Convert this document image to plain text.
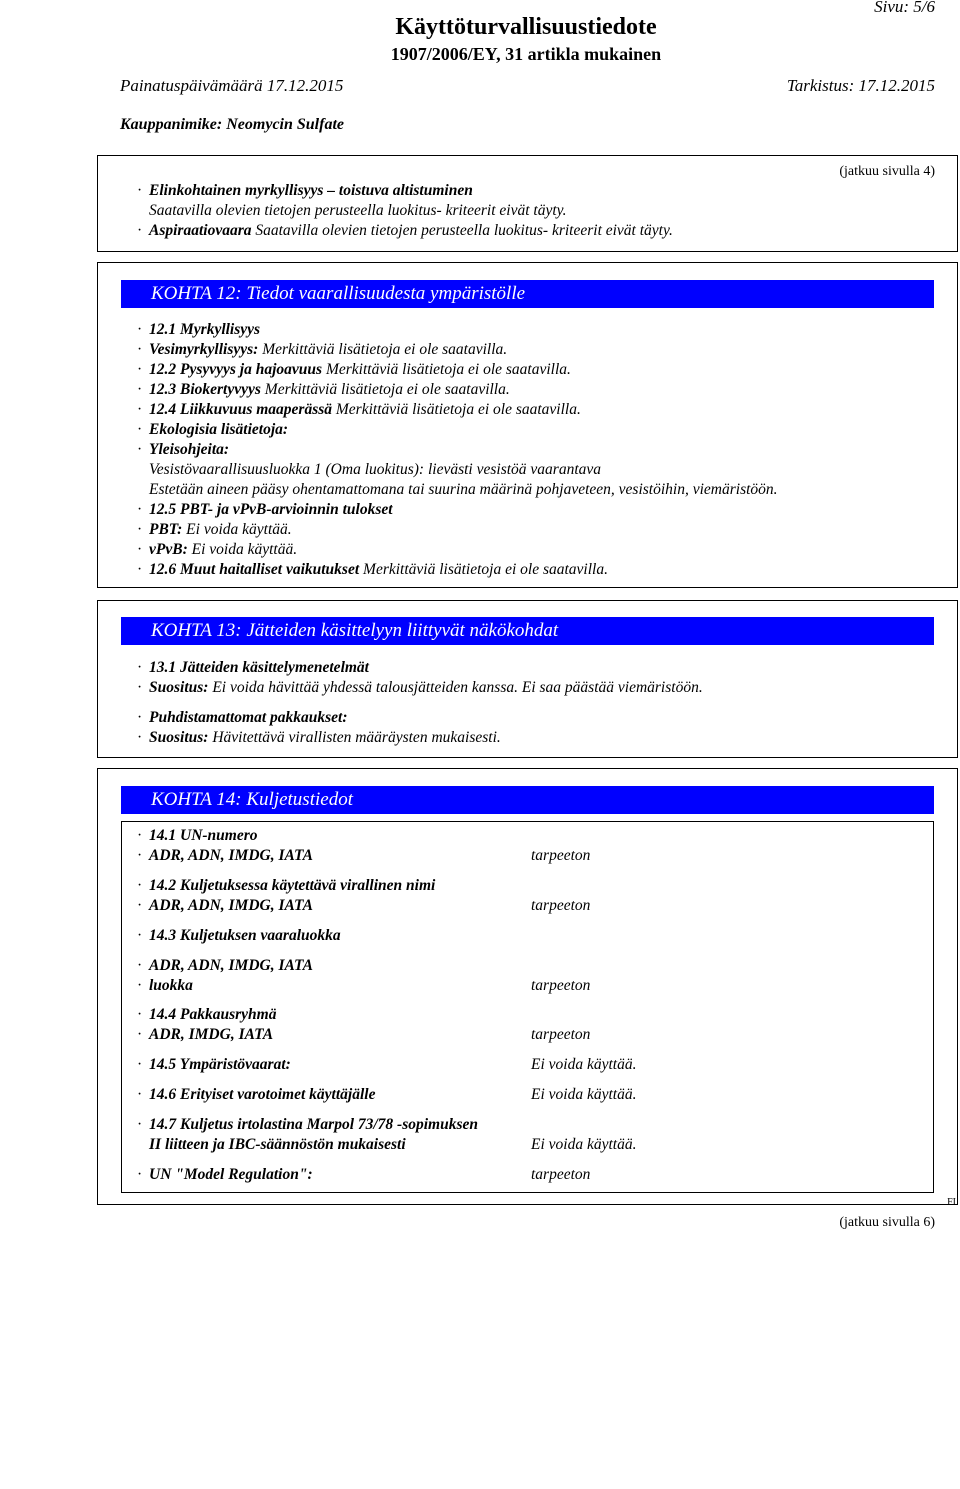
Käyttöturvallisuustiedote
1907/2006/EY, 31 artikla mukainen
Sivu: 5/6
Painatuspäivämäärä 17.12.2015	Tarkistus: 17.12.2015
Kauppanimike: Neomycin Sulfate
(jatkuu sivulla 4)
· Elinkohtainen myrkyllisyys – toistuva altistuminen
Saatavilla olevien tietojen perusteella luokitus- kriteerit eivät täyty.
· Aspiraatiovaara Saatavilla olevien tietojen perusteella luokitus- kriteerit eivät täyty.
KOHTA 12: Tiedot vaarallisuudesta ympäristölle
· 12.1 Myrkyllisyys
· Vesimyrkyllisyys: Merkittäviä lisätietoja ei ole saatavilla.
· 12.2 Pysyvyys ja hajoavuus Merkittäviä lisätietoja ei ole saatavilla.
· 12.3 Biokertyvyys Merkittäviä lisätietoja ei ole saatavilla.
· 12.4 Liikkuvuus maaperässä Merkittäviä lisätietoja ei ole saatavilla.
· Ekologisia lisätietoja:
· Yleisohjeita:
Vesistövaarallisuusluokka 1 (Oma luokitus): lievästi vesistöä vaarantava
Estetään aineen pääsy ohentamattomana tai suurina määrinä pohjaveteen, vesistöihin, viemäristöön.
· 12.5 PBT- ja vPvB-arvioinnin tulokset
· PBT: Ei voida käyttää.
· vPvB: Ei voida käyttää.
· 12.6 Muut haitalliset vaikutukset Merkittäviä lisätietoja ei ole saatavilla.
KOHTA 13: Jätteiden käsittelyyn liittyvät näkökohdat
· 13.1 Jätteiden käsittelymenetelmät
· Suositus: Ei voida hävittää yhdessä talousjätteiden kanssa. Ei saa päästää viemäristöön.
· Puhdistamattomat pakkaukset:
· Suositus: Hävitettävä virallisten määräysten mukaisesti.
KOHTA 14: Kuljetustiedot
· 14.1 UN-numero
· ADR, ADN, IMDG, IATA	tarpeeton
· 14.2 Kuljetuksessa käytettävä virallinen nimi
· ADR, ADN, IMDG, IATA	tarpeeton
· 14.3 Kuljetuksen vaaraluokka
· ADR, ADN, IMDG, IATA
· luokka	tarpeeton
· 14.4 Pakkausryhmä
· ADR, IMDG, IATA	tarpeeton
· 14.5 Ympäristövaarat:	Ei voida käyttää.
· 14.6 Erityiset varotoimet käyttäjälle	Ei voida käyttää.
· 14.7 Kuljetus irtolastina Marpol 73/78 -sopimuksen
II liitteen ja IBC-säännöstön mukaisesti	Ei voida käyttää.
· UN "Model Regulation":	tarpeeton
FI
(jatkuu sivulla 6)
